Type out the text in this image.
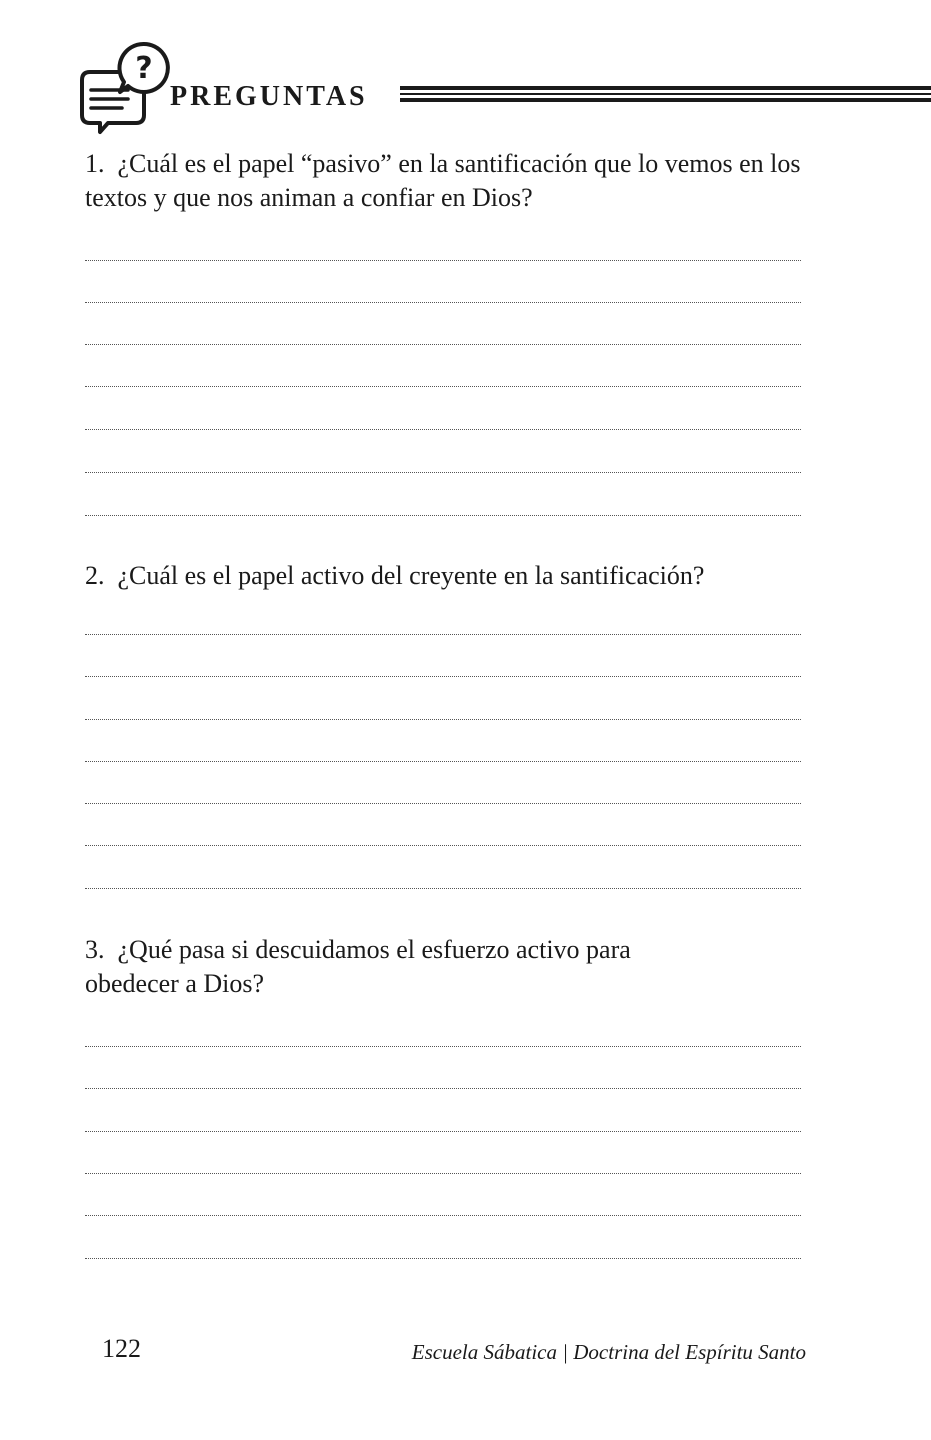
?
PREGUNTAS
1. ¿Cuál es el papel “pasivo” en la santificación que lo vemos en los textos y que nos animan a confiar en Dios?
2. ¿Cuál es el papel activo del creyente en la santificación?
3. ¿Qué pasa si descuidamos el esfuerzo activo para obedecer a Dios?
122	Escuela Sábatica | Doctrina del Espíritu Santo
